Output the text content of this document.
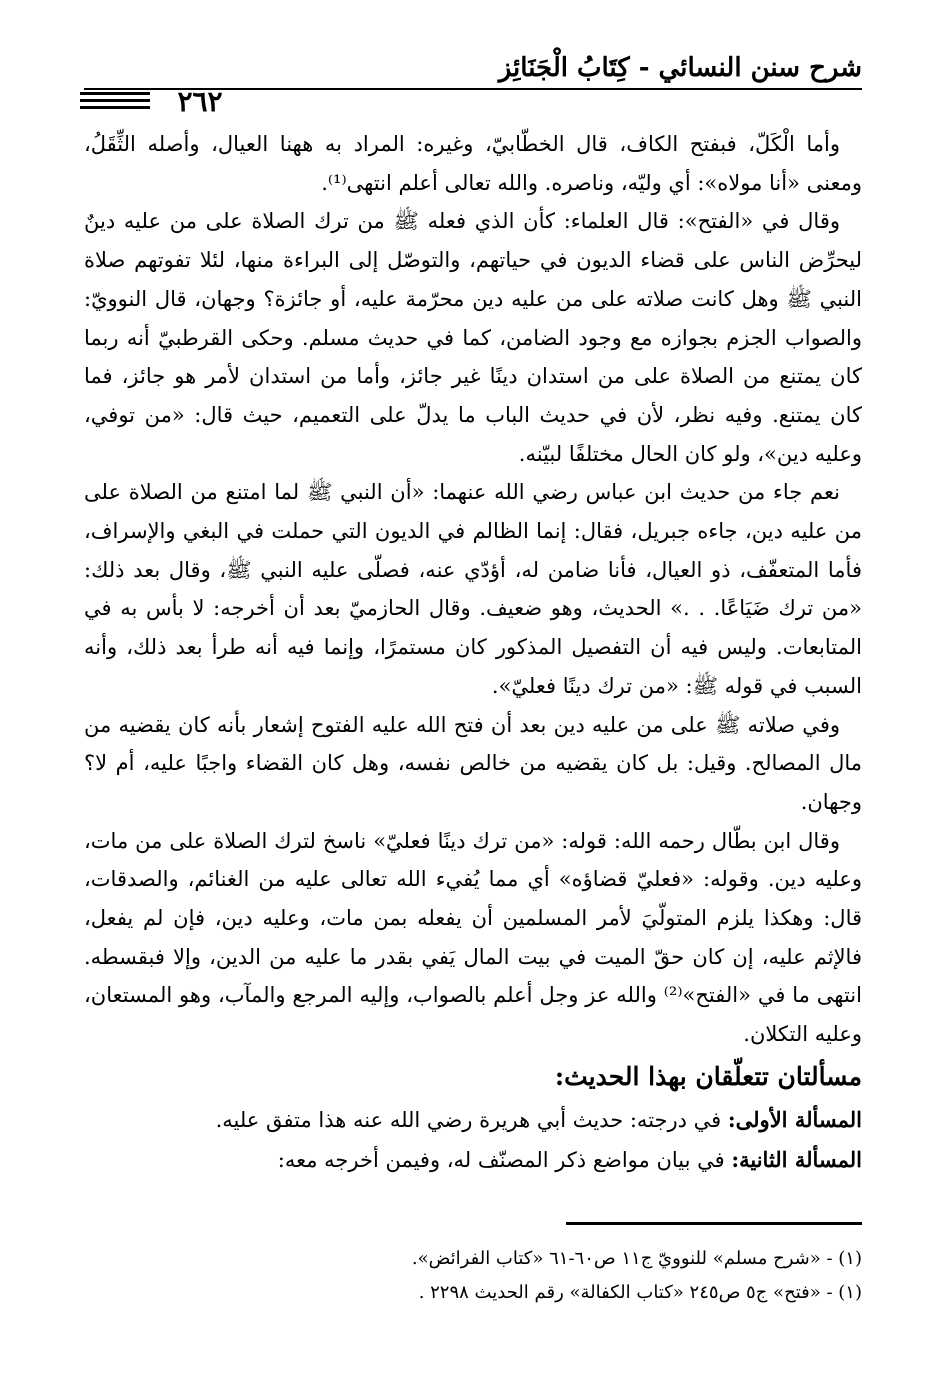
شرح سنن النسائي - كِتَابُ الْجَنَائِز
٢٦٢

وأما الْكَلّ، فبفتح الكاف، قال الخطّابيّ، وغيره: المراد به ههنا العيال، وأصله الثِّقَلُ، ومعنى «أنا مولاه»: أي وليّه، وناصره. والله تعالى أعلم انتهى⁽¹⁾.

وقال في «الفتح»: قال العلماء: كأن الذي فعله ﷺ من ترك الصلاة على من عليه دينٌ ليحرِّض الناس على قضاء الديون في حياتهم، والتوصّل إلى البراءة منها، لئلا تفوتهم صلاة النبي ﷺ وهل كانت صلاته على من عليه دين محرّمة عليه، أو جائزة؟ وجهان، قال النوويّ: والصواب الجزم بجوازه مع وجود الضامن، كما في حديث مسلم. وحكى القرطبيّ أنه ربما كان يمتنع من الصلاة على من استدان دينًا غير جائز، وأما من استدان لأمر هو جائز، فما كان يمتنع. وفيه نظر، لأن في حديث الباب ما يدلّ على التعميم، حيث قال: «من توفي، وعليه دين»، ولو كان الحال مختلفًا لبيّنه.

نعم جاء من حديث ابن عباس رضي الله عنهما: «أن النبي ﷺ لما امتنع من الصلاة على من عليه دين، جاءه جبريل، فقال: إنما الظالم في الديون التي حملت في البغي والإسراف، فأما المتعفّف، ذو العيال، فأنا ضامن له، أؤدّي عنه، فصلّى عليه النبي ﷺ، وقال بعد ذلك: «من ترك ضَيَاعًا. . .» الحديث، وهو ضعيف. وقال الحازميّ بعد أن أخرجه: لا بأس به في المتابعات. وليس فيه أن التفصيل المذكور كان مستمرًا، وإنما فيه أنه طرأ بعد ذلك، وأنه السبب في قوله ﷺ: «من ترك دينًا فعليّ».

وفي صلاته ﷺ على من عليه دين بعد أن فتح الله عليه الفتوح إشعار بأنه كان يقضيه من مال المصالح. وقيل: بل كان يقضيه من خالص نفسه، وهل كان القضاء واجبًا عليه، أم لا؟ وجهان.

وقال ابن بطّال رحمه الله: قوله: «من ترك دينًا فعليّ» ناسخ لترك الصلاة على من مات، وعليه دين. وقوله: «فعليّ قضاؤه» أي مما يُفيء الله تعالى عليه من الغنائم، والصدقات، قال: وهكذا يلزم المتولّيَ لأمر المسلمين أن يفعله بمن مات، وعليه دين، فإن لم يفعل، فالإثم عليه، إن كان حقّ الميت في بيت المال يَفي بقدر ما عليه من الدين، وإلا فبقسطه. انتهى ما في «الفتح»⁽²⁾ والله عز وجل أعلم بالصواب، وإليه المرجع والمآب، وهو المستعان، وعليه التكلان.

مسألتان تتعلّقان بهذا الحديث:

المسألة الأولى: في درجته: حديث أبي هريرة رضي الله عنه هذا متفق عليه.

المسألة الثانية: في بيان مواضع ذكر المصنّف له، وفيمن أخرجه معه:

(١) - «شرح مسلم» للنوويّ ج١١ ص٦٠-٦١ «كتاب الفرائض».
(١) - «فتح» ج٥ ص٢٤٥ «كتاب الكفالة» رقم الحديث ٢٢٩٨ .
